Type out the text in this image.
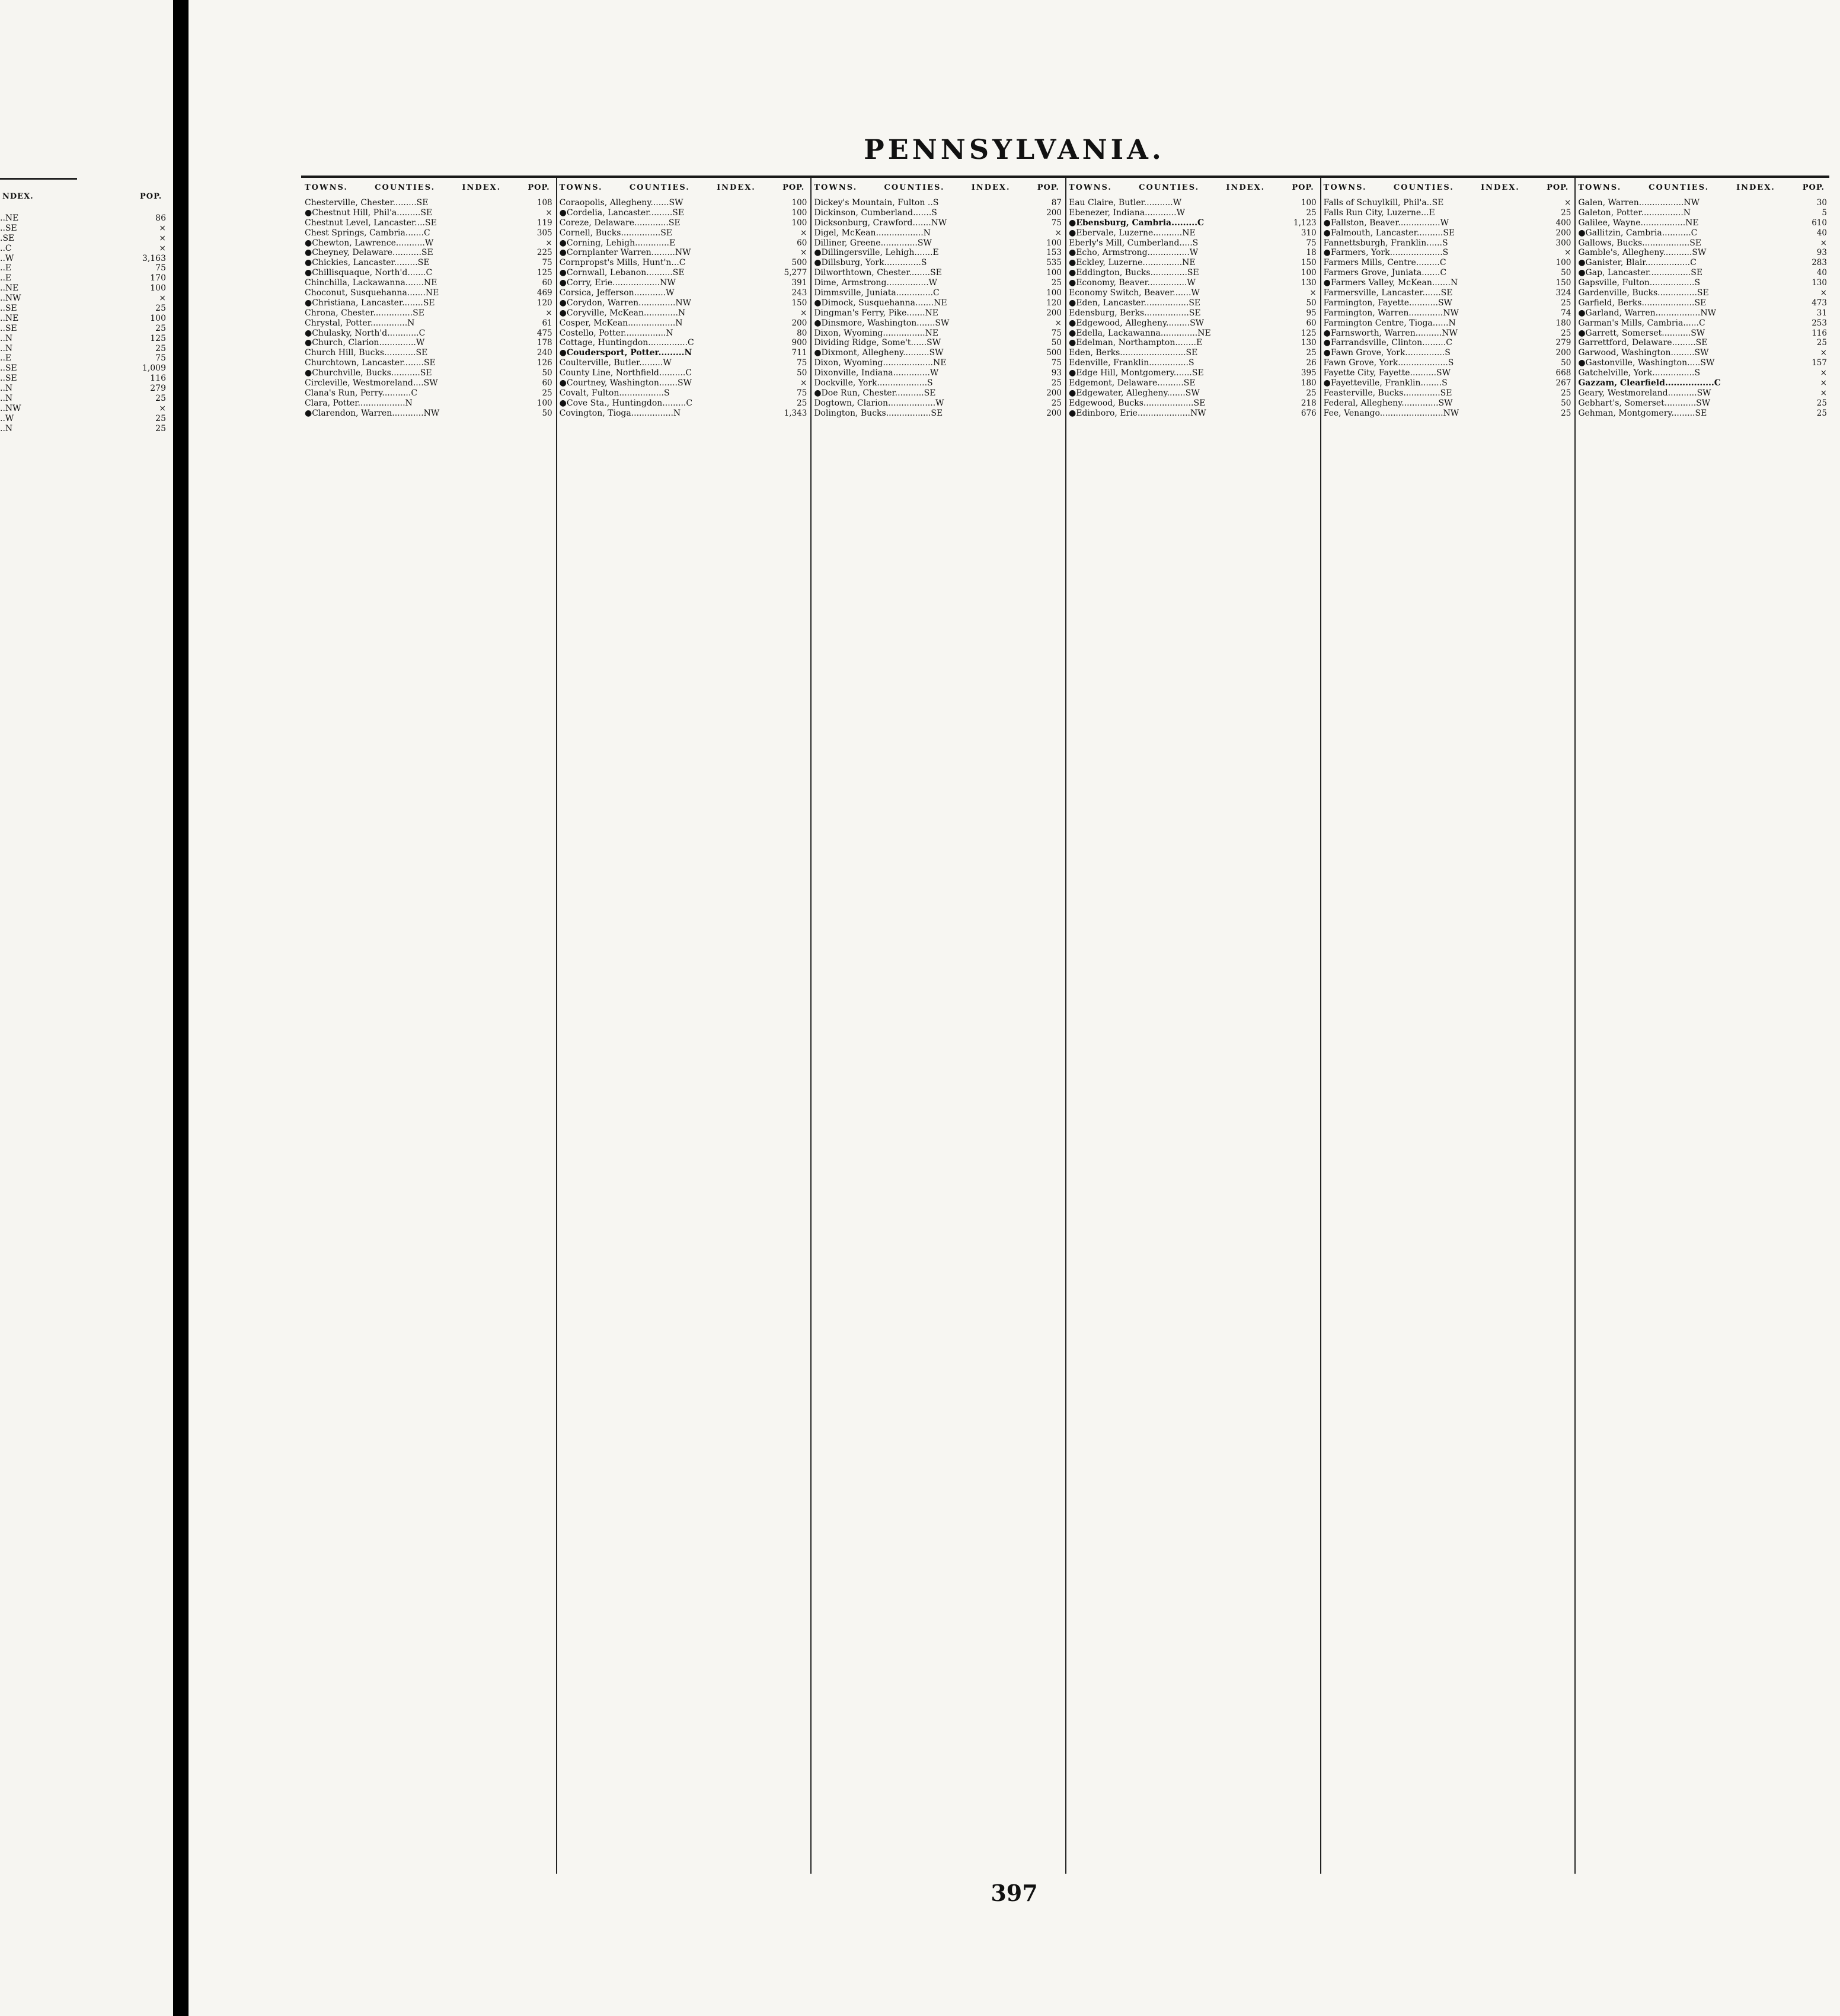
NDEX.	POP.
..NE	86
..SE	×
.SE	×
..C	×
..W	3,163
..E	75
..E	170
..NE	100
..NW	×
..SE	25
..NE	100
..SE	25
..N	125
..N	25
..E	75
..SE	1,009
..SE	116
..N	279
..N	25
..NW	×
..W	25
..N	25
PENNSYLVANIA.
TOWNS.	COUNTIES.	INDEX.	POP.
Chesterville, Chester.........SE	108
●Chestnut Hill, Phil'a.........SE	×
Chestnut Level, Lancaster....SE	119
Chest Springs, Cambria.......C	305
●Chewton, Lawrence...........W	×
●Cheyney, Delaware...........SE	225
●Chickies, Lancaster.........SE	75
●Chillisquaque, North'd.......C	125
Chinchilla, Lackawanna.......NE	60
Choconut, Susquehanna.......NE	469
●Christiana, Lancaster........SE	120
Chrona, Chester...............SE	×
Chrystal, Potter..............N	61
●Chulasky, North'd............C	475
●Church, Clarion..............W	178
Church Hill, Bucks............SE	240
Churchtown, Lancaster........SE	126
●Churchville, Bucks...........SE	50
Circleville, Westmoreland....SW	60
Clana's Run, Perry...........C	25
Clara, Potter..................N	100
●Clarendon, Warren............NW	50
TOWNS.	COUNTIES.	INDEX.	POP.
Coraopolis, Allegheny.......SW	100
●Cordelia, Lancaster.........SE	100
Coreze, Delaware.............SE	100
Cornell, Bucks...............SE	×
●Corning, Lehigh.............E	60
●Cornplanter Warren.........NW	×
Cornpropst's Mills, Hunt'n...C	500
●Cornwall, Lebanon..........SE	5,277
●Corry, Erie..................NW	391
Corsica, Jefferson............W	243
●Corydon, Warren..............NW	150
●Coryville, McKean.............N	×
Cosper, McKean..................N	200
Costello, Potter................N	80
Cottage, Huntingdon...............C	900
●Coudersport, Potter.........N	711
Coulterville, Butler.........W	75
County Line, Northfield..........C	50
●Courtney, Washington.......SW	×
Covalt, Fulton.................S	75
●Cove Sta., Huntingdon.........C	25
Covington, Tioga................N	1,343
TOWNS.	COUNTIES.	INDEX.	POP.
Dickey's Mountain, Fulton ..S	87
Dickinson, Cumberland.......S	200
Dicksonburg, Crawford.......NW	75
Digel, McKean..................N	×
Dilliner, Greene..............SW	100
●Dillingersville, Lehigh.......E	153
●Dillsburg, York..............S	535
Dilworthtown, Chester........SE	100
Dime, Armstrong................W	25
Dimmsville, Juniata..............C	100
●Dimock, Susquehanna.......NE	120
Dingman's Ferry, Pike.......NE	200
●Dinsmore, Washington.......SW	×
Dixon, Wyoming................NE	75
Dividing Ridge, Some't......SW	50
●Dixmont, Allegheny..........SW	500
Dixon, Wyoming...................NE	75
Dixonville, Indiana..............W	93
Dockville, York...................S	25
●Doe Run, Chester...........SE	200
Dogtown, Clarion..................W	25
Dolington, Bucks.................SE	200
TOWNS.	COUNTIES.	INDEX.	POP.
Eau Claire, Butler...........W	100
Ebenezer, Indiana............W	25
●Ebensburg, Cambria.........C	1,123
●Ebervale, Luzerne...........NE	310
Eberly's Mill, Cumberland.....S	75
●Echo, Armstrong................W	18
●Eckley, Luzerne...............NE	150
●Eddington, Bucks..............SE	100
●Economy, Beaver...............W	130
Economy Switch, Beaver.......W	×
●Eden, Lancaster.................SE	50
Edensburg, Berks.................SE	95
●Edgewood, Allegheny.........SW	60
●Edella, Lackawanna..............NE	125
●Edelman, Northampton........E	130
Eden, Berks.........................SE	25
Edenville, Franklin...............S	26
●Edge Hill, Montgomery.......SE	395
Edgemont, Delaware..........SE	180
●Edgewater, Allegheny.......SW	25
Edgewood, Bucks...................SE	218
●Edinboro, Erie....................NW	676
TOWNS.	COUNTIES.	INDEX.	POP.
Falls of Schuylkill, Phil'a..SE	×
Falls Run City, Luzerne...E	25
●Fallston, Beaver................W	400
●Falmouth, Lancaster..........SE	200
Fannettsburgh, Franklin......S	300
●Farmers, York....................S	×
Farmers Mills, Centre.........C	100
Farmers Grove, Juniata.......C	50
●Farmers Valley, McKean.......N	150
Farmersville, Lancaster.......SE	324
Farmington, Fayette...........SW	25
Farmington, Warren.............NW	74
Farmington Centre, Tioga......N	180
●Farnsworth, Warren..........NW	25
●Farrandsville, Clinton.........C	279
●Fawn Grove, York...............S	200
Fawn Grove, York...................S	50
Fayette City, Fayette..........SW	668
●Fayetteville, Franklin........S	267
Feasterville, Bucks..............SE	25
Federal, Allegheny..............SW	50
Fee, Venango........................NW	25
TOWNS.	COUNTIES.	INDEX.	POP.
Galen, Warren.................NW	30
Galeton, Potter................N	5
Galilee, Wayne.................NE	610
●Gallitzin, Cambria...........C	40
Gallows, Bucks..................SE	×
Gamble's, Allegheny...........SW	93
●Ganister, Blair.................C	283
●Gap, Lancaster................SE	40
Gapsville, Fulton.................S	130
Gardenville, Bucks...............SE	×
Garfield, Berks....................SE	473
●Garland, Warren.................NW	31
Garman's Mills, Cambria......C	253
●Garrett, Somerset...........SW	116
Garrettford, Delaware.........SE	25
Garwood, Washington.........SW	×
●Gastonville, Washington.....SW	157
Gatchelville, York................S	×
Gazzam, Clearfield.................C	×
Geary, Westmoreland...........SW	×
Gebhart's, Somerset............SW	25
Gehman, Montgomery.........SE	25
397
